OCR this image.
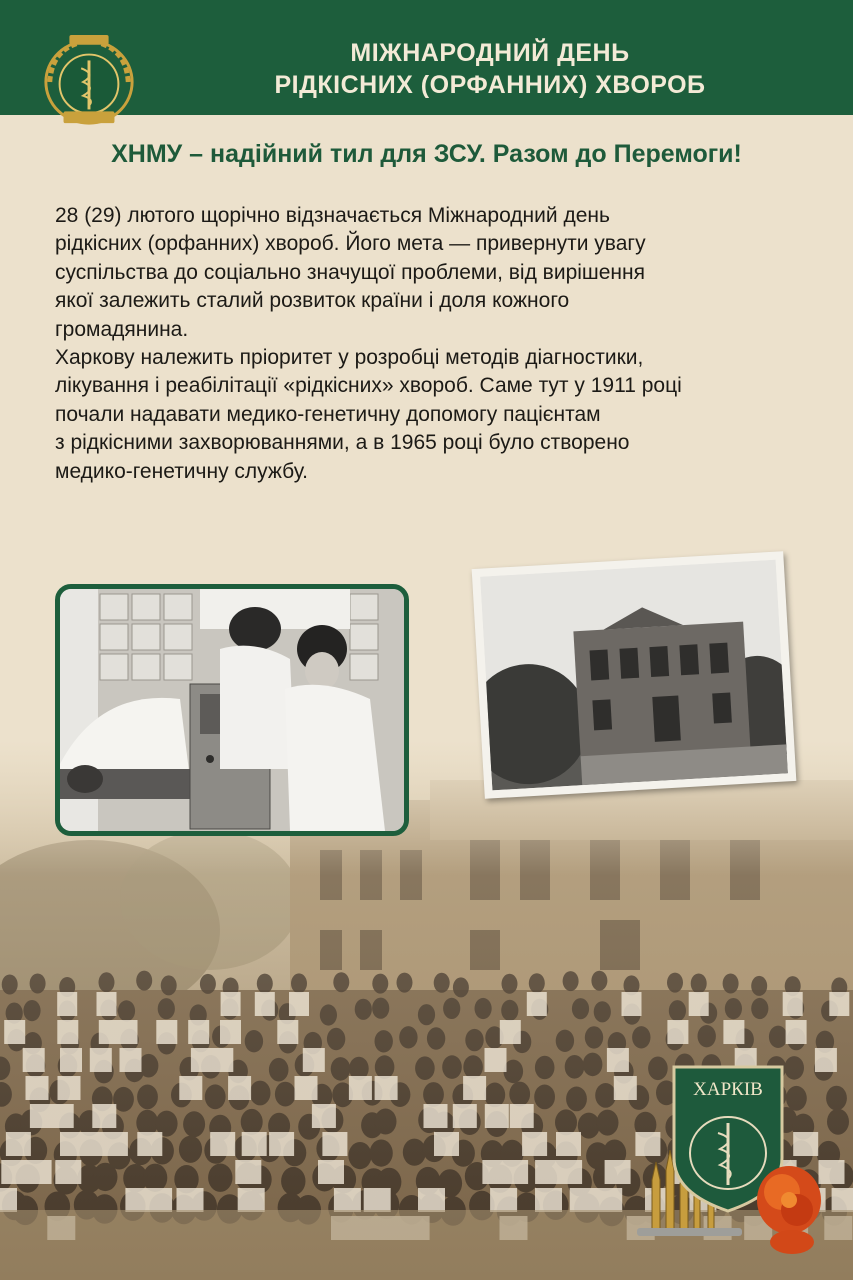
МІЖНАРОДНИЙ ДЕНЬ
РІДКІСНИХ (ОРФАННИХ) ХВОРОБ
ХНМУ – надійний тил для ЗСУ. Разом до Перемоги!
28 (29) лютого щорічно відзначається Міжнародний день
рідкісних (орфанних) хвороб. Його мета — привернути увагу
суспільства до соціально значущої проблеми, від вирішення
якої залежить сталий розвиток країни і доля кожного
громадянина.
Харкову належить пріоритет у розробці методів діагностики,
лікування і реабілітації «рідкісних» хвороб. Саме тут у 1911 році
почали надавати медико-генетичну допомогу пацієнтам
з рідкісними захворюваннями, а в 1965 році було створено
медико-генетичну службу.
ХАРКІВ
